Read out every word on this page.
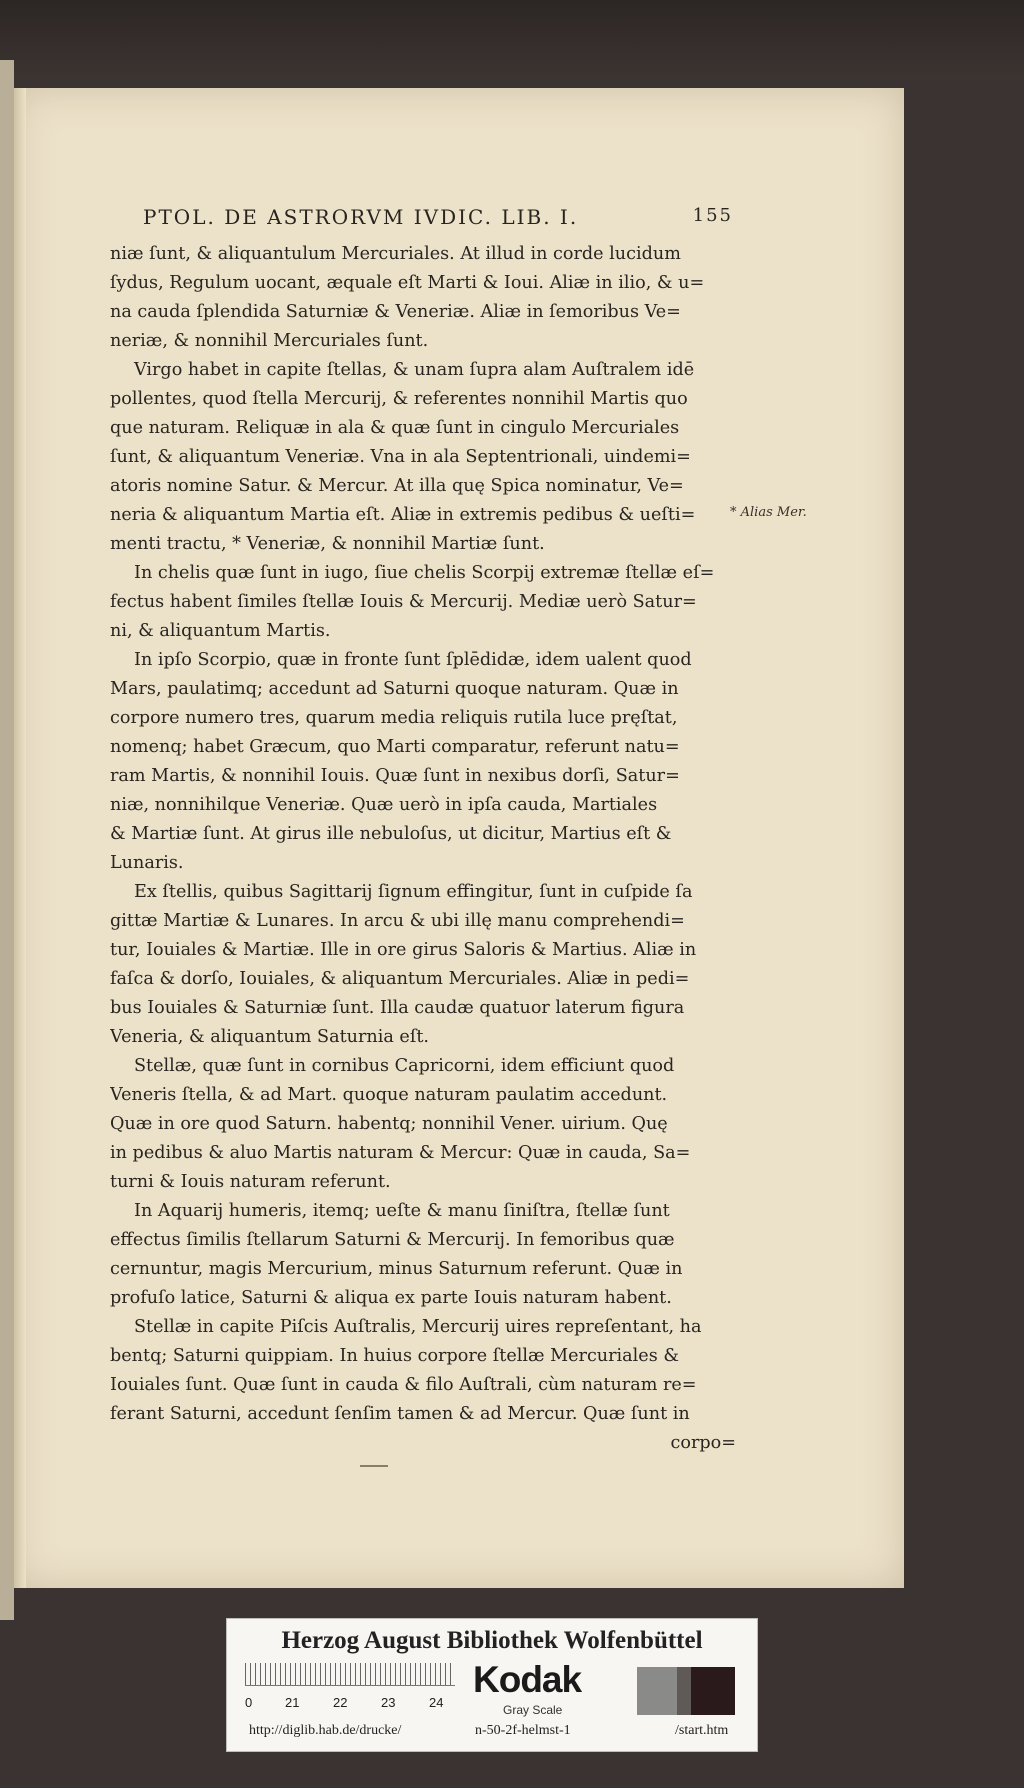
PTOL. DE ASTRORVM IVDIC. LIB. I.	155
* Alias Mer.
niæ ſunt, & aliquantulum Mercuriales. At illud in corde lucidum
ſydus, Regulum uocant, æquale eſt Marti & Ioui. Aliæ in ilio, & u=
na cauda ſplendida Saturniæ & Veneriæ. Aliæ in ſemoribus Ve=
neriæ, & nonnihil Mercuriales ſunt.
Virgo habet in capite ſtellas, & unam ſupra alam Auſtralem idē
pollentes, quod ſtella Mercurij, & referentes nonnihil Martis quo
que naturam. Reliquæ in ala & quæ ſunt in cingulo Mercuriales
ſunt, & aliquantum Veneriæ. Vna in ala Septentrionali, uindemi=
atoris nomine Satur. & Mercur. At illa quę Spica nominatur, Ve=
neria & aliquantum Martia eſt. Aliæ in extremis pedibus & ueſti=
menti tractu, * Veneriæ, & nonnihil Martiæ ſunt.
In chelis quæ ſunt in iugo, ſiue chelis Scorpij extremæ ſtellæ eſ=
fectus habent ſimiles ſtellæ Iouis & Mercurij. Mediæ uerò Satur=
ni, & aliquantum Martis.
In ipſo Scorpio, quæ in fronte ſunt ſplēdidæ, idem ualent quod
Mars, paulatimq; accedunt ad Saturni quoque naturam. Quæ in
corpore numero tres, quarum media reliquis rutila luce pręſtat,
nomenq; habet Græcum, quo Marti comparatur, referunt natu=
ram Martis, & nonnihil Iouis. Quæ ſunt in nexibus dorſi, Satur=
niæ, nonnihilque Veneriæ. Quæ uerò in ipſa cauda, Martiales
& Martiæ ſunt. At girus ille nebuloſus, ut dicitur, Martius eſt &
Lunaris.
Ex ſtellis, quibus Sagittarij ſignum effingitur, ſunt in cuſpide ſa
gittæ Martiæ & Lunares. In arcu & ubi illę manu comprehendi=
tur, Iouiales & Martiæ. Ille in ore girus Saloris & Martius. Aliæ in
faſca & dorſo, Iouiales, & aliquantum Mercuriales. Aliæ in pedi=
bus Iouiales & Saturniæ ſunt. Illa caudæ quatuor laterum figura
Veneria, & aliquantum Saturnia eſt.
Stellæ, quæ ſunt in cornibus Capricorni, idem efficiunt quod
Veneris ſtella, & ad Mart. quoque naturam paulatim accedunt.
Quæ in ore quod Saturn. habentq; nonnihil Vener. uirium. Quę
in pedibus & aluo Martis naturam & Mercur: Quæ in cauda, Sa=
turni & Iouis naturam referunt.
In Aquarij humeris, itemq; ueſte & manu ſiniſtra, ſtellæ ſunt
effectus ſimilis ſtellarum Saturni & Mercurij. In femoribus quæ
cernuntur, magis Mercurium, minus Saturnum referunt. Quæ in
profuſo latice, Saturni & aliqua ex parte Iouis naturam habent.
Stellæ in capite Piſcis Auſtralis, Mercurij uires repreſentant, ha
bentq; Saturni quippiam. In huius corpore ſtellæ Mercuriales &
Iouiales ſunt. Quæ ſunt in cauda & filo Auſtrali, cùm naturam re=
ferant Saturni, accedunt ſenſim tamen & ad Mercur. Quæ ſunt in
corpo=
Herzog August Bibliothek Wolfenbüttel
0	21	22	23	24
Kodak
Gray Scale
http://diglib.hab.de/drucke/	n-50-2f-helmst-1	/start.htm
